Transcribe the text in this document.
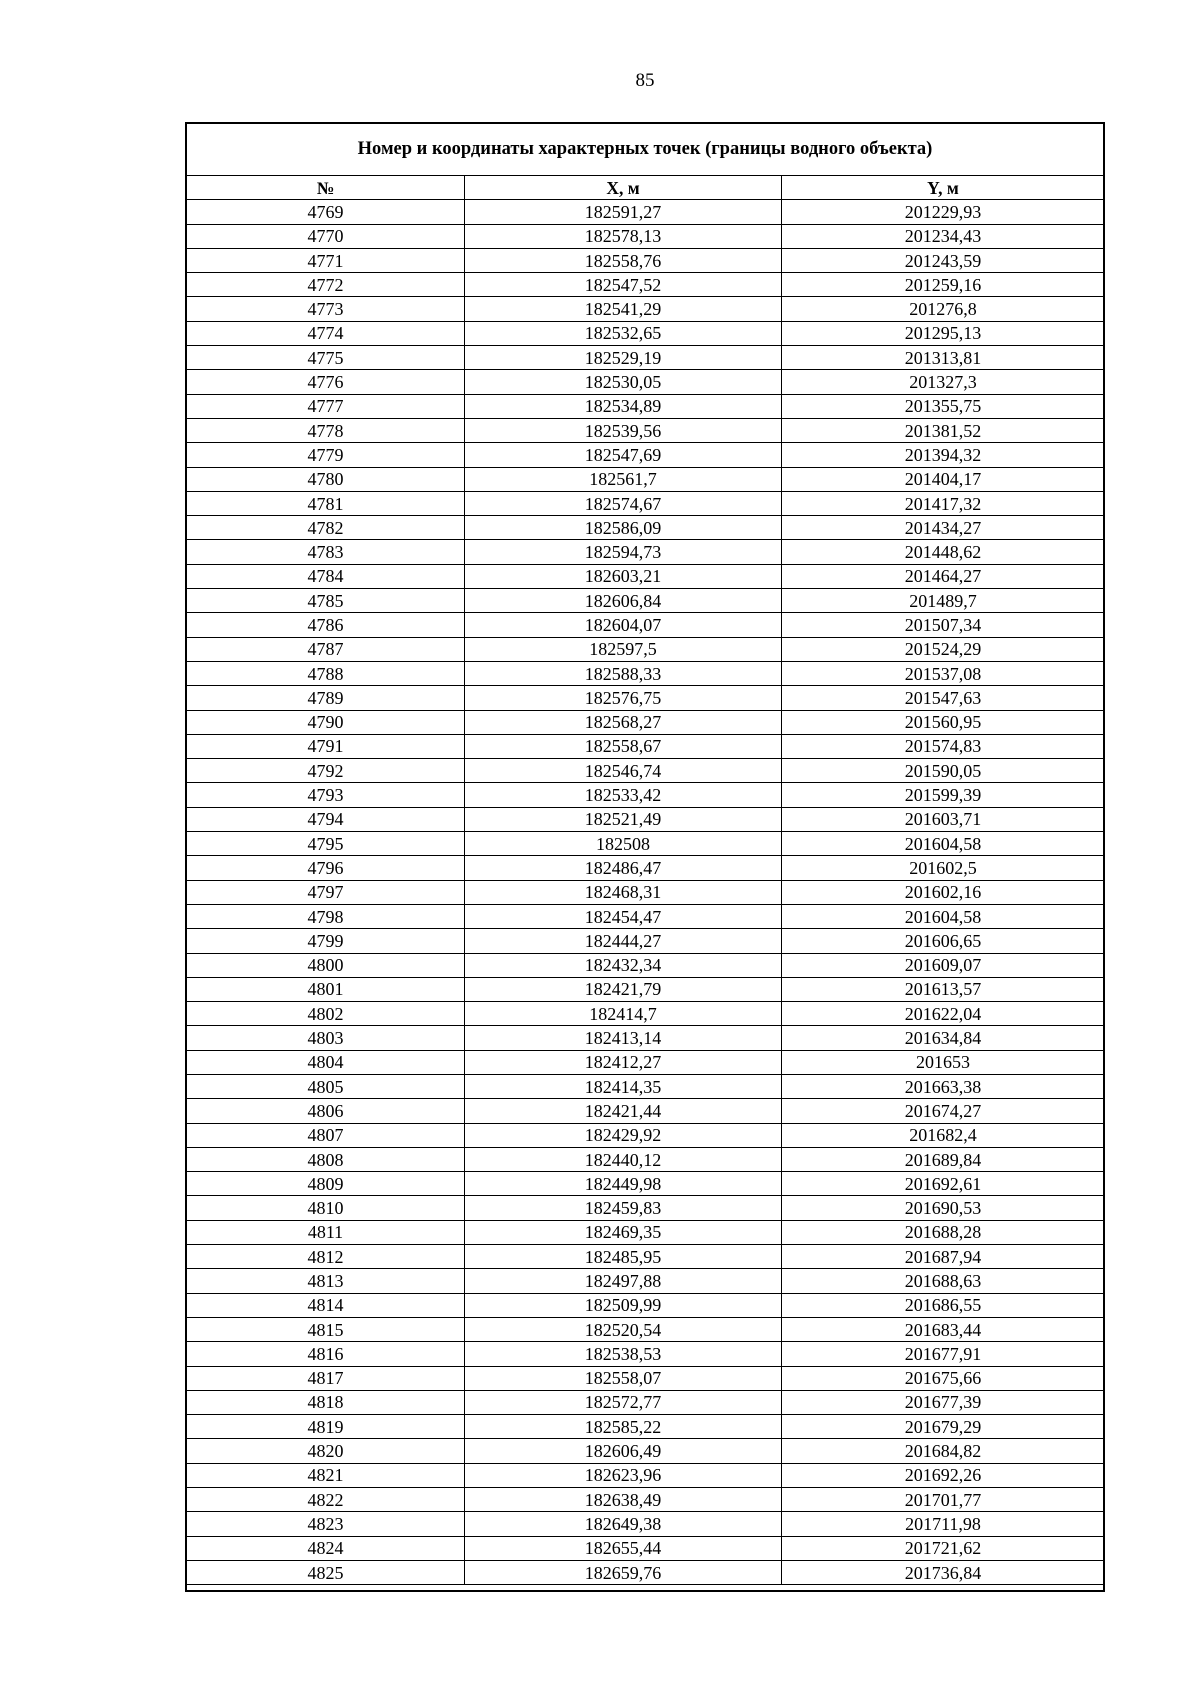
85
Номер и координаты характерных точек (границы водного объекта)
№	X, м	Y, м
4769	182591,27	201229,93
4770	182578,13	201234,43
4771	182558,76	201243,59
4772	182547,52	201259,16
4773	182541,29	201276,8
4774	182532,65	201295,13
4775	182529,19	201313,81
4776	182530,05	201327,3
4777	182534,89	201355,75
4778	182539,56	201381,52
4779	182547,69	201394,32
4780	182561,7	201404,17
4781	182574,67	201417,32
4782	182586,09	201434,27
4783	182594,73	201448,62
4784	182603,21	201464,27
4785	182606,84	201489,7
4786	182604,07	201507,34
4787	182597,5	201524,29
4788	182588,33	201537,08
4789	182576,75	201547,63
4790	182568,27	201560,95
4791	182558,67	201574,83
4792	182546,74	201590,05
4793	182533,42	201599,39
4794	182521,49	201603,71
4795	182508	201604,58
4796	182486,47	201602,5
4797	182468,31	201602,16
4798	182454,47	201604,58
4799	182444,27	201606,65
4800	182432,34	201609,07
4801	182421,79	201613,57
4802	182414,7	201622,04
4803	182413,14	201634,84
4804	182412,27	201653
4805	182414,35	201663,38
4806	182421,44	201674,27
4807	182429,92	201682,4
4808	182440,12	201689,84
4809	182449,98	201692,61
4810	182459,83	201690,53
4811	182469,35	201688,28
4812	182485,95	201687,94
4813	182497,88	201688,63
4814	182509,99	201686,55
4815	182520,54	201683,44
4816	182538,53	201677,91
4817	182558,07	201675,66
4818	182572,77	201677,39
4819	182585,22	201679,29
4820	182606,49	201684,82
4821	182623,96	201692,26
4822	182638,49	201701,77
4823	182649,38	201711,98
4824	182655,44	201721,62
4825	182659,76	201736,84
